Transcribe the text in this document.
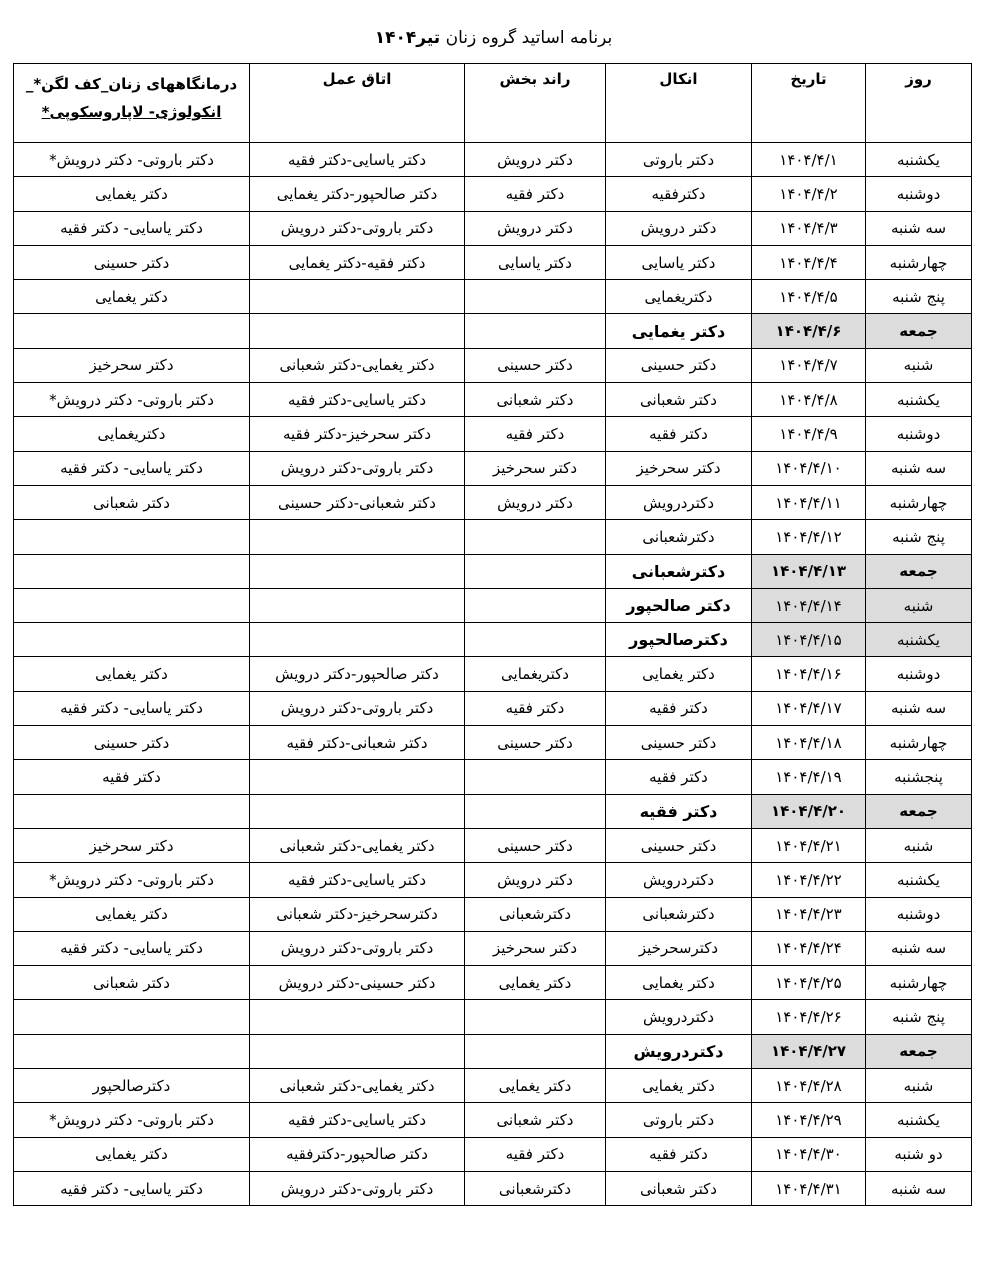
برنامه اساتید گروه زنان تیر۱۴۰۴
روز	تاریخ	انکال	راند بخش	اتاق عمل	درمانگاههای زنان_کف لگن*_
انکولوژی- لاپاروسکوپی*

یکشنبه	۱۴۰۴/۴/۱	دکتر باروتی	دکتر درویش	دکتر یاسایی-دکتر فقیه	دکتر باروتی- دکتر درویش*
دوشنبه	۱۴۰۴/۴/۲	دکترفقیه	دکتر فقیه	دکتر صالحپور-دکتر یغمایی	دکتر یغمایی
سه شنبه	۱۴۰۴/۴/۳	دکتر درویش	دکتر درویش	دکتر باروتی-دکتر درویش	دکتر یاسایی- دکتر فقیه
چهارشنبه	۱۴۰۴/۴/۴	دکتر یاسایی	دکتر یاسایی	دکتر فقیه-دکتر یغمایی	دکتر حسینی
پنج شنبه	۱۴۰۴/۴/۵	دکتریغمایی			دکتر یغمایی
جمعه	۱۴۰۴/۴/۶	دکتر یغمایی			
شنبه	۱۴۰۴/۴/۷	دکتر حسینی	دکتر حسینی	دکتر یغمایی-دکتر شعبانی	دکتر سحرخیز
یکشنبه	۱۴۰۴/۴/۸	دکتر شعبانی	دکتر شعبانی	دکتر یاسایی-دکتر فقیه	دکتر باروتی- دکتر درویش*
دوشنبه	۱۴۰۴/۴/۹	دکتر فقیه	دکتر فقیه	دکتر سحرخیز-دکتر فقیه	دکتریغمایی
سه شنبه	۱۴۰۴/۴/۱۰	دکتر سحرخیز	دکتر سحرخیز	دکتر باروتی-دکتر درویش	دکتر یاسایی- دکتر فقیه
چهارشنبه	۱۴۰۴/۴/۱۱	دکتردرویش	دکتر درویش	دکتر شعبانی-دکتر حسینی	دکتر شعبانی
پنج شنبه	۱۴۰۴/۴/۱۲	دکترشعبانی			
جمعه	۱۴۰۴/۴/۱۳	دکترشعبانی			
شنبه	۱۴۰۴/۴/۱۴	دکتر صالحپور			
یکشنبه	۱۴۰۴/۴/۱۵	دکترصالحپور			
دوشنبه	۱۴۰۴/۴/۱۶	دکتر یغمایی	دکتریغمایی	دکتر صالحپور-دکتر درویش	دکتر یغمایی
سه شنبه	۱۴۰۴/۴/۱۷	دکتر فقیه	دکتر فقیه	دکتر باروتی-دکتر درویش	دکتر یاسایی- دکتر فقیه
چهارشنبه	۱۴۰۴/۴/۱۸	دکتر حسینی	دکتر حسینی	دکتر شعبانی-دکتر فقیه	دکتر حسینی
پنجشنبه	۱۴۰۴/۴/۱۹	دکتر فقیه			دکتر فقیه
جمعه	۱۴۰۴/۴/۲۰	دکتر فقیه			
شنبه	۱۴۰۴/۴/۲۱	دکتر حسینی	دکتر حسینی	دکتر یغمایی-دکتر شعبانی	دکتر سحرخیز
یکشنبه	۱۴۰۴/۴/۲۲	دکتردرویش	دکتر درویش	دکتر یاسایی-دکتر فقیه	دکتر باروتی- دکتر درویش*
دوشنبه	۱۴۰۴/۴/۲۳	دکترشعبانی	دکترشعبانی	دکترسحرخیز-دکتر شعبانی	دکتر یغمایی
سه شنبه	۱۴۰۴/۴/۲۴	دکترسحرخیز	دکتر سحرخیز	دکتر باروتی-دکتر درویش	دکتر یاسایی- دکتر فقیه
چهارشنبه	۱۴۰۴/۴/۲۵	دکتر یغمایی	دکتر یغمایی	دکتر حسینی-دکتر درویش	دکتر شعبانی
پنج شنبه	۱۴۰۴/۴/۲۶	دکتردرویش			
جمعه	۱۴۰۴/۴/۲۷	دکتردرویش			
شنبه	۱۴۰۴/۴/۲۸	دکتر یغمایی	دکتر یغمایی	دکتر یغمایی-دکتر شعبانی	دکترصالحپور
یکشنبه	۱۴۰۴/۴/۲۹	دکتر باروتی	دکتر شعبانی	دکتر یاسایی-دکتر فقیه	دکتر باروتی- دکتر درویش*
دو شنبه	۱۴۰۴/۴/۳۰	دکتر فقیه	دکتر فقیه	دکتر صالحپور-دکترفقیه	دکتر یغمایی
سه شنبه	۱۴۰۴/۴/۳۱	دکتر شعبانی	دکترشعبانی	دکتر باروتی-دکتر درویش	دکتر یاسایی- دکتر فقیه
